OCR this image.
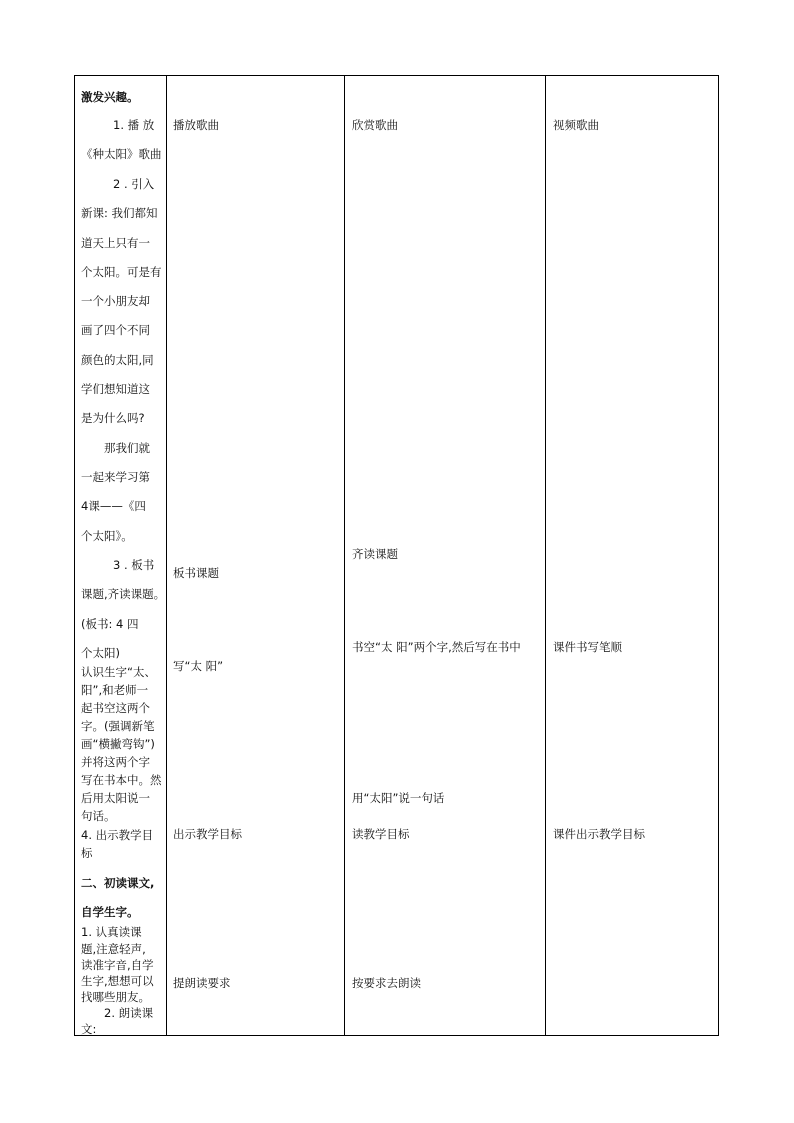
激发兴趣。
1. 播 放
《种太阳》歌曲
2 . 引入
新课: 我们都知
道天上只有一
个太阳。可是有
一个小朋友却
画了四个不同
颜色的太阳,同
学们想知道这
是为什么吗?
那我们就
一起来学习第
4课——《四
个太阳》。
3 . 板书
课题,齐读课题。
(板书: 4 四
个太阳)
认识生字“太、
阳”,和老师一
起书空这两个
字。(强调新笔
画“横撇弯钩”)
并将这两个字
写在书本中。然
后用太阳说一
句话。
4. 出示教学目
标
二、初读课文,
自学生字。
1. 认真读课
题,注意轻声,
读准字音,自学
生字,想想可以
找哪些朋友。
2. 朗读课
文:
播放歌曲
板书课题
写“太 阳”
出示教学目标
提朗读要求
欣赏歌曲
齐读课题
书空“太 阳”两个字,然后写在书中
用“太阳”说一句话
读教学目标
按要求去朗读
视频歌曲
课件书写笔顺
课件出示教学目标
